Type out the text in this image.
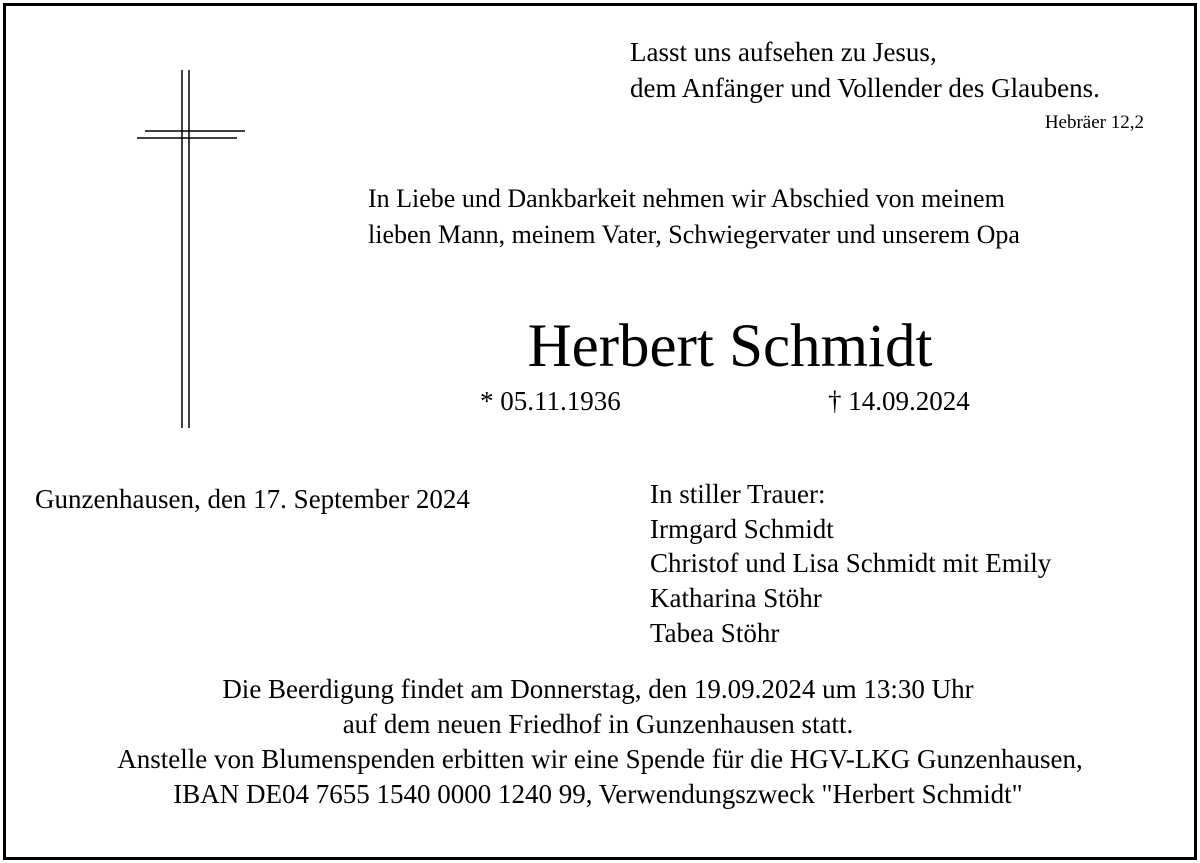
Lasst uns aufsehen zu Jesus,
dem Anfänger und Vollender des Glaubens.
Hebräer 12,2
In Liebe und Dankbarkeit nehmen wir Abschied von meinem
lieben Mann, meinem Vater, Schwiegervater und unserem Opa
Herbert Schmidt
* 05.11.1936	† 14.09.2024
Gunzenhausen, den 17. September 2024	In stiller Trauer:
Irmgard Schmidt
Christof und Lisa Schmidt mit Emily
Katharina Stöhr
Tabea Stöhr
Die Beerdigung findet am Donnerstag, den 19.09.2024 um 13:30 Uhr
auf dem neuen Friedhof in Gunzenhausen statt.
Anstelle von Blumenspenden erbitten wir eine Spende für die HGV-LKG Gunzenhausen,
IBAN DE04 7655 1540 0000 1240 99, Verwendungszweck "Herbert Schmidt"
